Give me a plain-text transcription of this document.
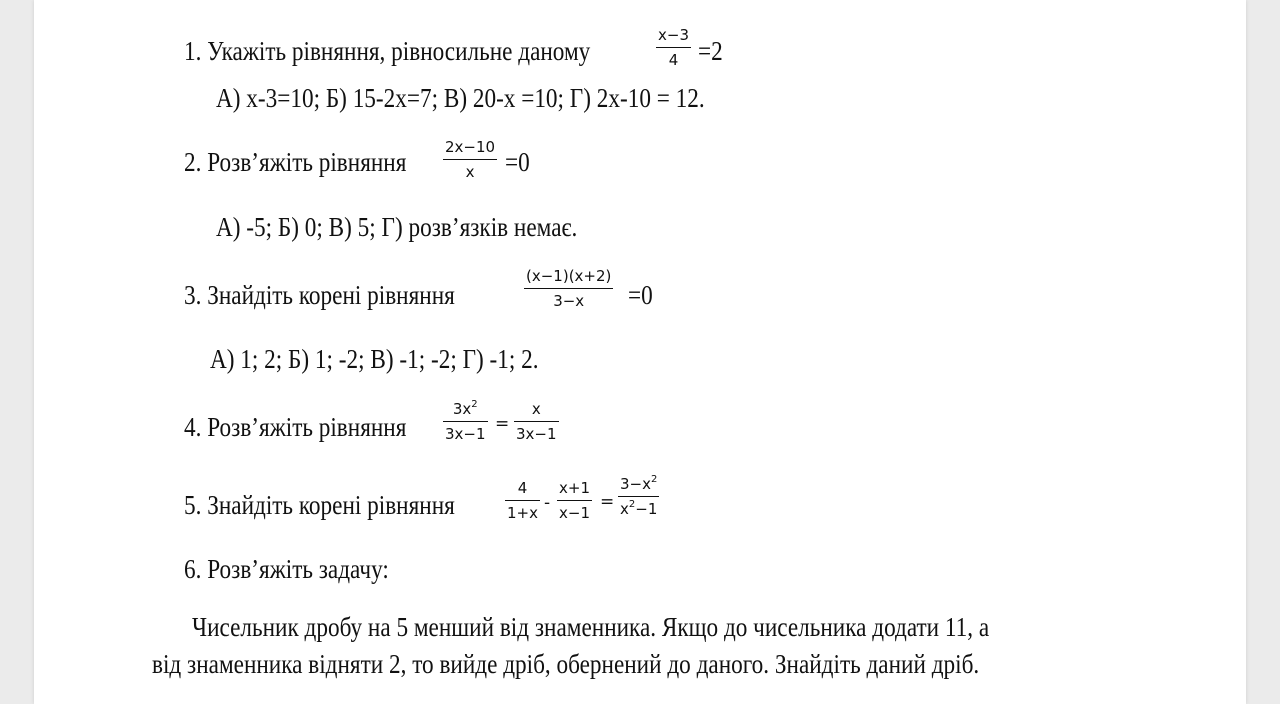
1. Укажіть рівняння, рівносильне даному
x−3
4 =2
А) x-3=10; Б) 15-2x=7; В) 20-x =10; Г) 2x-10 = 12.
2. Розв’яжіть рівняння	2x−10
x =0
А) -5; Б) 0; В) 5; Г) розв’язків немає.
3. Знайдіть корені рівняння
(x−1)(x+2)
3−x =0
А) 1; 2; Б) 1; -2; В) -1; -2; Г) -1; 2.
4. Розв’яжіть рівняння
$3x^2$
3x−1 =
x
3x−1
5. Знайдіть корені рівняння
4
1+x -
x+1
x−1
=
$3-x^2$
$x^2-1$
6. Розв’яжіть задачу:
Чисельник дробу на 5 менший від знаменника. Якщо до чисельника додати 11, а
від знаменника відняти 2, то вийде дріб, обернений до даного. Знайдіть даний дріб.
